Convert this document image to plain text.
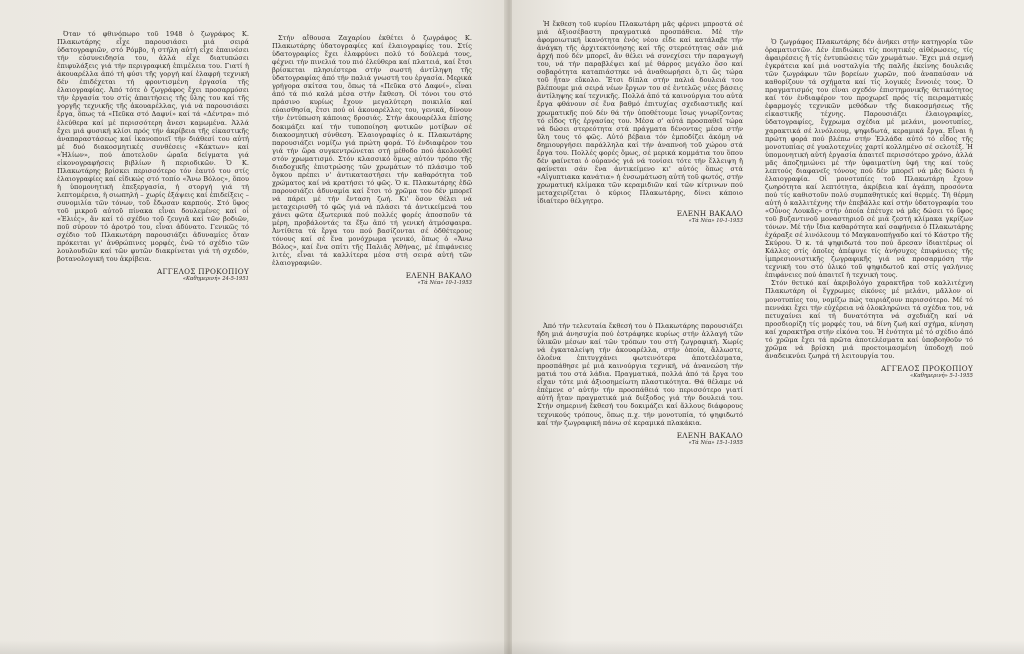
Όταν τό φθινόπωρο τοῦ 1948 ὁ ζωγράφος Κ. Πλακωτάρης εἶχε παρουσιάσει μιά σειρά ὑδατογραφιῶν, στό Ρόμβο, ἡ στήλη αὐτή εἶχε ἐπαινέσει τήν εὐσυνειδησία του, ἀλλά εἶχε διατυπώσει ἐπιφυλάξεις γιά τήν περιγραφική ἐπιμέλεια του. Γιατί ἡ ἀκουαρέλλα ἀπό τή φύσι τῆς γοργή καί ἐλαφρή τεχνική δέν ἐπιδέχεται τή φροντισμένη ἐργασία τῆς ἐλαιογραφίας. Ἀπό τότε ὁ ζωγράφος ἔχει προσαρμόσει τήν ἐργασία του στίς ἀπαιτήσεις τῆς ὕλης του καί τῆς γοργῆς τεχνικῆς τῆς ἀκουαρέλλας, γιά νά παρουσιάσει ἔργα, ὅπως τά «Πεῦκα στό Δαφνί» καί τά «Δέντρα» πιό ἐλεύθερα καί μέ περισσότερη ἄνεσι καμωμένα. Ἀλλά ἔχει μιά φυσική κλίσι πρός τήν ἀκρίβεια τῆς εἰκαστικῆς ἀναπαραστάσεως καί ἱκανοποιεῖ τήν διάθεσί του αὐτή μέ δυό διακοσμητικές συνθέσεις «Κάκτων» καί «Ἡλίων», πού ἀποτελοῦν ὡραῖα δείγματα γιά εἰκονογραφήσεις βιβλίων ἤ περιοδικῶν. Ὁ Κ. Πλακωτάρης βρίσκει περισσότερο τόν ἑαυτό του στίς ἐλαιογραφίες καί εἰδικώς στό τοπίο «Ἄνω Βόλος», ὅπου ἡ ὑπομονητική ἐπεξεργασία, ἡ στοργή γιά τή λεπτομέρεια, ἡ σιωπηλή – χωρίς ἐξάψεις καί ἐπιδείξεις – συνομιλία τῶν τόνων, τοῦ ἔδωσαν καρπούς. Στό ὕφος τοῦ μικροῦ αὐτοῦ πίνακα εἶναι δουλεμένες καί οἱ «Ἐλιές», ἄν καί τό σχέδιο τοῦ ζευγιᾶ καί τῶν βοδιῶν, ποῦ σύρουν τό ἀροτρό του, εἶναι ἀδύνατο. Γενικῶς τό σχέδιο τοῦ Πλακωτάρη παρουσιάζει ἀδυναμίες ὅταν πρόκειται γι' ἀνθρώπινες μορφές, ἐνῶ τό σχέδιο τῶν λουλουδιῶν καί τῶν φυτῶν διακρίνεται γιά τή σχεδόν, βοτανολογική του ἀκρίβεια.

ΑΓΓΕΛΟΣ ΠΡΟΚΟΠΙΟΥ
«Καθημερινή» 24-5-1951

Στήν αἴθουσα Ζαχαρίου ἐκθέτει ὁ ζωγράφος Κ. Πλακωτάρης ὑδατογραφίες καί ἐλαιογραφίες του. Στίς ὑδατογραφίες ἔχει ἐλαφρύνει πολύ τό δούλεμά τους, φέχνει τήν πινελιά του πιό ἐλεύθερα καί πλατειά, καί ἔτσι βρίσκεται πλησιέστερα στήν σωστή ἀντίληψη τῆς ὑδατογραφίας ἀπό τήν παλιά γνωστή του ἐργασία. Μερικά γρήγορα σκίτσα του, ὅπως τά «Πεῦκα στό Δαφνί», εἶναι ἀπό τά πιό καλά μέσα στήν ἔκθεση. Οἱ τόνοι του στό πράσινο κυρίως ἔχουν μεγαλύτερη ποικιλία καί εὐαισθησία, ἔτσι πού οἱ ἀκουαρέλλες του, γενικά, δίνουν τήν ἐντύπωση κάποιας δροσιάς. Στήν ἀκουαρέλλα ἐπίσης δοκιμάζει καί τήν τυποποίηση φυτικῶν μοτίβων σέ διακοσμητική σύνθεση. Ἐλαιογραφίες ὁ κ. Πλακωτάρης παρουσιάζει νομίζω γιά πρώτη φορά. Τό ἐνδιαφέρον του γιά τήν ὥρα συγκεντρώνεται στή μέθοδο πού ἀκολουθεῖ στόν χρωματισμό. Στόν κλασσικό ὅμως αὐτόν τρόπο τῆς διαδοχικῆς ἐπιστρώσης τῶν χρωμάτων τό πλάσιμο τοῦ ὄγκου πρέπει ν' ἀντικαταστήσει τήν καθαρότητα τοῦ χρώματος καί νά κρατήσει τό φῶς. Ὁ κ. Πλακωτάρης ἐδῶ παρουσιάζει ἀδυναμία καί ἔτσι τό χρῶμα του δέν μπορεῖ νά πάρει μέ τήν ἔνταση ζωή. Κι' ὅσον θέλει νά μεταχειρισθῆ τό φῶς γιά νά πλάσει τά ἀντικείμενά του χάνει φῶτα ἐξωτερικά πού πολλές φορές ἀποσποῦν τά μέρη, προβάλοντάς τα ἔξω ἀπό τή γενική ἀτμόσφαιρα. Ἀντίθετα τά ἔργα του πού βασίζονται σέ ὁδθέτερους τόνους καί σέ ἕνα μονόχρωμα γενικό, ὅπως ὁ «Ἄνω Βόλος», καί ἕνα σπίτι τῆς Παλιᾶς Ἀθήνας, μέ ἐπιφάνειες λιτές, εἶναι τά καλλίτερα μέσα στή σειρά αὐτή τῶν ἐλαιογραφιῶν.

ΕΛΕΝΗ ΒΑΚΑΛΟ
«Τά Νέα» 10-1-1953

Ἡ ἔκθεση τοῦ κυρίου Πλακωτάρη μᾶς φέρνει μπροστά σέ μιά ἀξιοσέβαστη πραγματικά προσπάθεια. Μέ τήν ἀφομοιωτική ἱκανότητα ἑνός νέου εἶδε καί κατάλαβε τήν ἀνάγκη τῆς ἀρχιτεκτόνησης καί τῆς στερεότητας σάν μιά ἀρχή πού δέν μπορεῖ, ἄν θέλει νά συνεχίσει τήν παραγωγή του, νά τήν παραβλέψει καί μέ θάρρος μεγάλο ὅσο καί σοβαρότητα καταπιάστηκε νά ἀναθεωρήσει ὅ,τι ὥς τώρα τοῦ ἦταν εὔκολο. Ἔτσι δίπλα στήν παλιά δουλειά του βλέπουμε μιά σειρά νέων ἔργων του σέ ἐντελῶς νέες βάσεις ἀντίληψης καί τεχνικῆς. Πολλά ἀπό τά καινούργια του αὐτά ἔργα φθάνουν σέ ἕνα βαθμό ἐπιτυχίας σχεδιαστικῆς καί χρωματικῆς πού δέν θά τήν ὑποθέτουμε ἴσως γνωρίζοντας τό εἶδος τῆς ἐργασίας του. Μέσα σ' αὐτά προσπαθεῖ τώρα νά δώσει στερεότητα στά πράγματα δένοντας μέσα στήν ὕλη τους τό φῶς. Αὐτό βέβαια τόν ἐμποδίζει ἀκόμη νά δημιουργήσει παράλληλα καί τήν ἀναπνοή τοῦ χώρου στά ἔργα του. Πολλές φορές ὅμως, σέ μερικά κομμάτια του ὅπου δέν φαίνεται ὁ οὐρανός γιά νά τονίσει τότε τήν ἔλλειψη ἤ φαίνεται σάν ἕνα ἀντικείμενο κι' αὐτός ὅπως στά «Αἰγυπτιακα κανάτια» ἡ ἐνσωμάτωση αὐτή τοῦ φωτός, στήν χρωματική κλίμακα τῶν κεραμιδιῶν καί τῶν κίτρινων πού μεταχειρίζεται ὁ κύριος Πλακωτάρης, δίνει κάποιο ἰδιαίτερο θέλγητρο.

ΕΛΕΝΗ ΒΑΚΑΛΟ
«Τά Νέα» 10-1-1953

Ἀπό τήν τελευταία ἔκθεσή του ὁ Πλακωτάρης παρουσιάζει ἤδη μιά ἀνησυχία πού ἐστράφηκε κυρίως στήν ἀλλαγή τῶν ὑλικῶν μέσων καί τῶν τρόπων του στή ζωγραφική. Χωρίς νά ἐγκαταλείψη τήν ἀκουαρέλλα, στήν ὁποία, ἄλλωστε, ὁλοένα ἐπιτυγχάνει φωτεινότερα ἀποτελέσματα, προσπάθησε μέ μιά καινούργια τεχνική, νά ἀνανεώση τήν ματιά του στά λάδια. Πραγματικά, πολλά ἀπό τά ἔργα του εἶχαν τότε μιά ἀξιοσημείωτη πλαστικότητα. Θά θέλαμε νά ἐπέμενε σ' αὐτήν τήν προσπάθειά του περισσότερο γιατί αὐτή ἦταν πραγματικά μιά διέξοδος γιά τήν δουλειά του. Στήν σημερινή ἔκθεσή του δοκιμάζει καί ἄλλους διάφορους τεχνικούς τρόπους, ὅπως π.χ. τήν μονοτυπία, τό ψηφιδωτό καί τήν ζωγραφική πάνω σέ κεραμικά πλακάκια.

ΕΛΕΝΗ ΒΑΚΑΛΟ
«Τά Νέα» 15-1-1955

Ὁ ζωγράφος Πλακωτάρης δέν ἀνήκει στήν κατηγορία τῶν ὀραματιστῶν. Δέν ἐπιδιώκει τίς ποιητικές αἰθέρωσεις, τίς ἀφαιρέσεις ἤ τίς ἐντυπώσεις τῶν χρωμάτων. Ἔχει μιά σεμνή ἐγκράτεια καί μιά νοσταλγία τῆς παλῆς ἐκείνης δουλειᾶς τῶν ζωγράφων τῶν βορείων χωρῶν, πού ἀναπαύσαν νά καθορίζουν τά σχήματα καί τίς λογικές ἔννοιές τους. Ὁ πραγματισμός του εἶναι σχεδόν ἐπιστημονικῆς θετικότητος καί τόν ἐνδιαφέρον του προχωρεῖ πρός τίς πειραματικές ἐφαρμογές τεχνικῶν μεθόδων τῆς διακοσμήσεως τῆς εἰκαστικῆς τέχνης. Παρουσιάζει ἐλαιογραφίες, ὑδατογραφίες, ἔγχρωμα σχέδια μέ μελάνι, μονοτυπίες, χαρακτικά σέ λινόλεουμ, ψηφιδωτά, κεραμικά ἔργα. Εἶναι ἡ πρώτη φορά πού βλέπω στήν Ἑλλάδα αὐτό τό εἶδος τῆς μονοτυπίας σέ γυαλοτεχνίες χαρτί κολλημένο σέ σελοτέξ. Ἡ ὑπομονητική αὐτή ἐργασία ἀπαιτεῖ περισσότερο χρόνο, ἀλλά μᾶς ἀποζημιώνει μέ τήν ὑφαιματίνη ὑφή της καί τούς λεπτούς διαφανεῖς τόνους πού δέν μπορεῖ νά μᾶς δώσει ἡ ἐλαιογραφία. Οἱ μονοτυπίες τοῦ Πλακωτάρη ἔχουν ζωηρότητα καί λεπτότητα, ἀκρίβεια καί ἀγάπη, προσόντα πού τίς καθιστοῦν πολύ συμπαθητικές καί θερμές. Τή θέρμη αὐτή ὁ καλλιτέχνης τήν ἐπεβάλλε καί στήν ὑδατογραφία του «Οὖνος Λουκᾶς» στήν ὁποία ἐπέτυχε νά μᾶς δώσει τό ὕφος τοῦ βυζαντινοῦ μοναστηριοῦ σέ μιά ζεστή κλίμακα γκρίζων τόνων. Μέ τήν ἴδια καθαρότητα καί σαφήνεια ὁ Πλακωτάρης ἐχάραξε σέ λινόλεουμ τό Μαγκανοπήγαδο καί τό Κάστρο τῆς Σκύρου. Ὁ κ. τά ψηφιδωτά του πού ἄρεσαν ἰδιαιτέρως οἱ Κάλλες στίς ὁποῖες ἀπέφυγε τίς ἀνήσυχες ἐπιφάνειες τῆς ἰμπρεσιονιστικῆς ζωγραφικῆς γιά νά προσαρμόση τήν τεχνική του στό ὑλικό τοῦ ψηφιδωτοῦ καί στίς γαλήνιες ἐπιφάνειες πού ἀπαιτεῖ ἡ τεχνική τους.

Στόν θετικό καί ἀκριβολόγο χαρακτῆρα τοῦ καλλιτέχνη Πλακωτάρη οἱ ἔγχρωμες εἰκόνες μέ μελάνι, μᾶλλον οἱ μονοτυπίες του, νομίζω πώς ταιριάζουν περισσότερο. Μέ τό πεννάκι ἔχει τήν εὐχέρεια νά ὁλοκληρώνει τά σχέδια του, νά πετυχαίνει καί τή δυνατότητα νά σχεδιάζη καί νά προσδιορίζη τίς μορφές του, νά δίνη ζωή καί σχήμα, κίνηση καί χαρακτῆρα στήν εἰκόνα του. Ἡ ἑνότητα μέ τό σχέδιο ἀπό τό χρῶμα ἔχει τά πρῶτα ἀποτελέσματα καί ὑποβοηθοῦν τό χρῶμα νά βρίσκη μιά προετοιμασμένη ὑποδοχή πού ἀναδεικνύει ζωηρά τή λειτουργία του.

ΑΓΓΕΛΟΣ ΠΡΟΚΟΠΙΟΥ
«Καθημερινή» 5-1-1955
